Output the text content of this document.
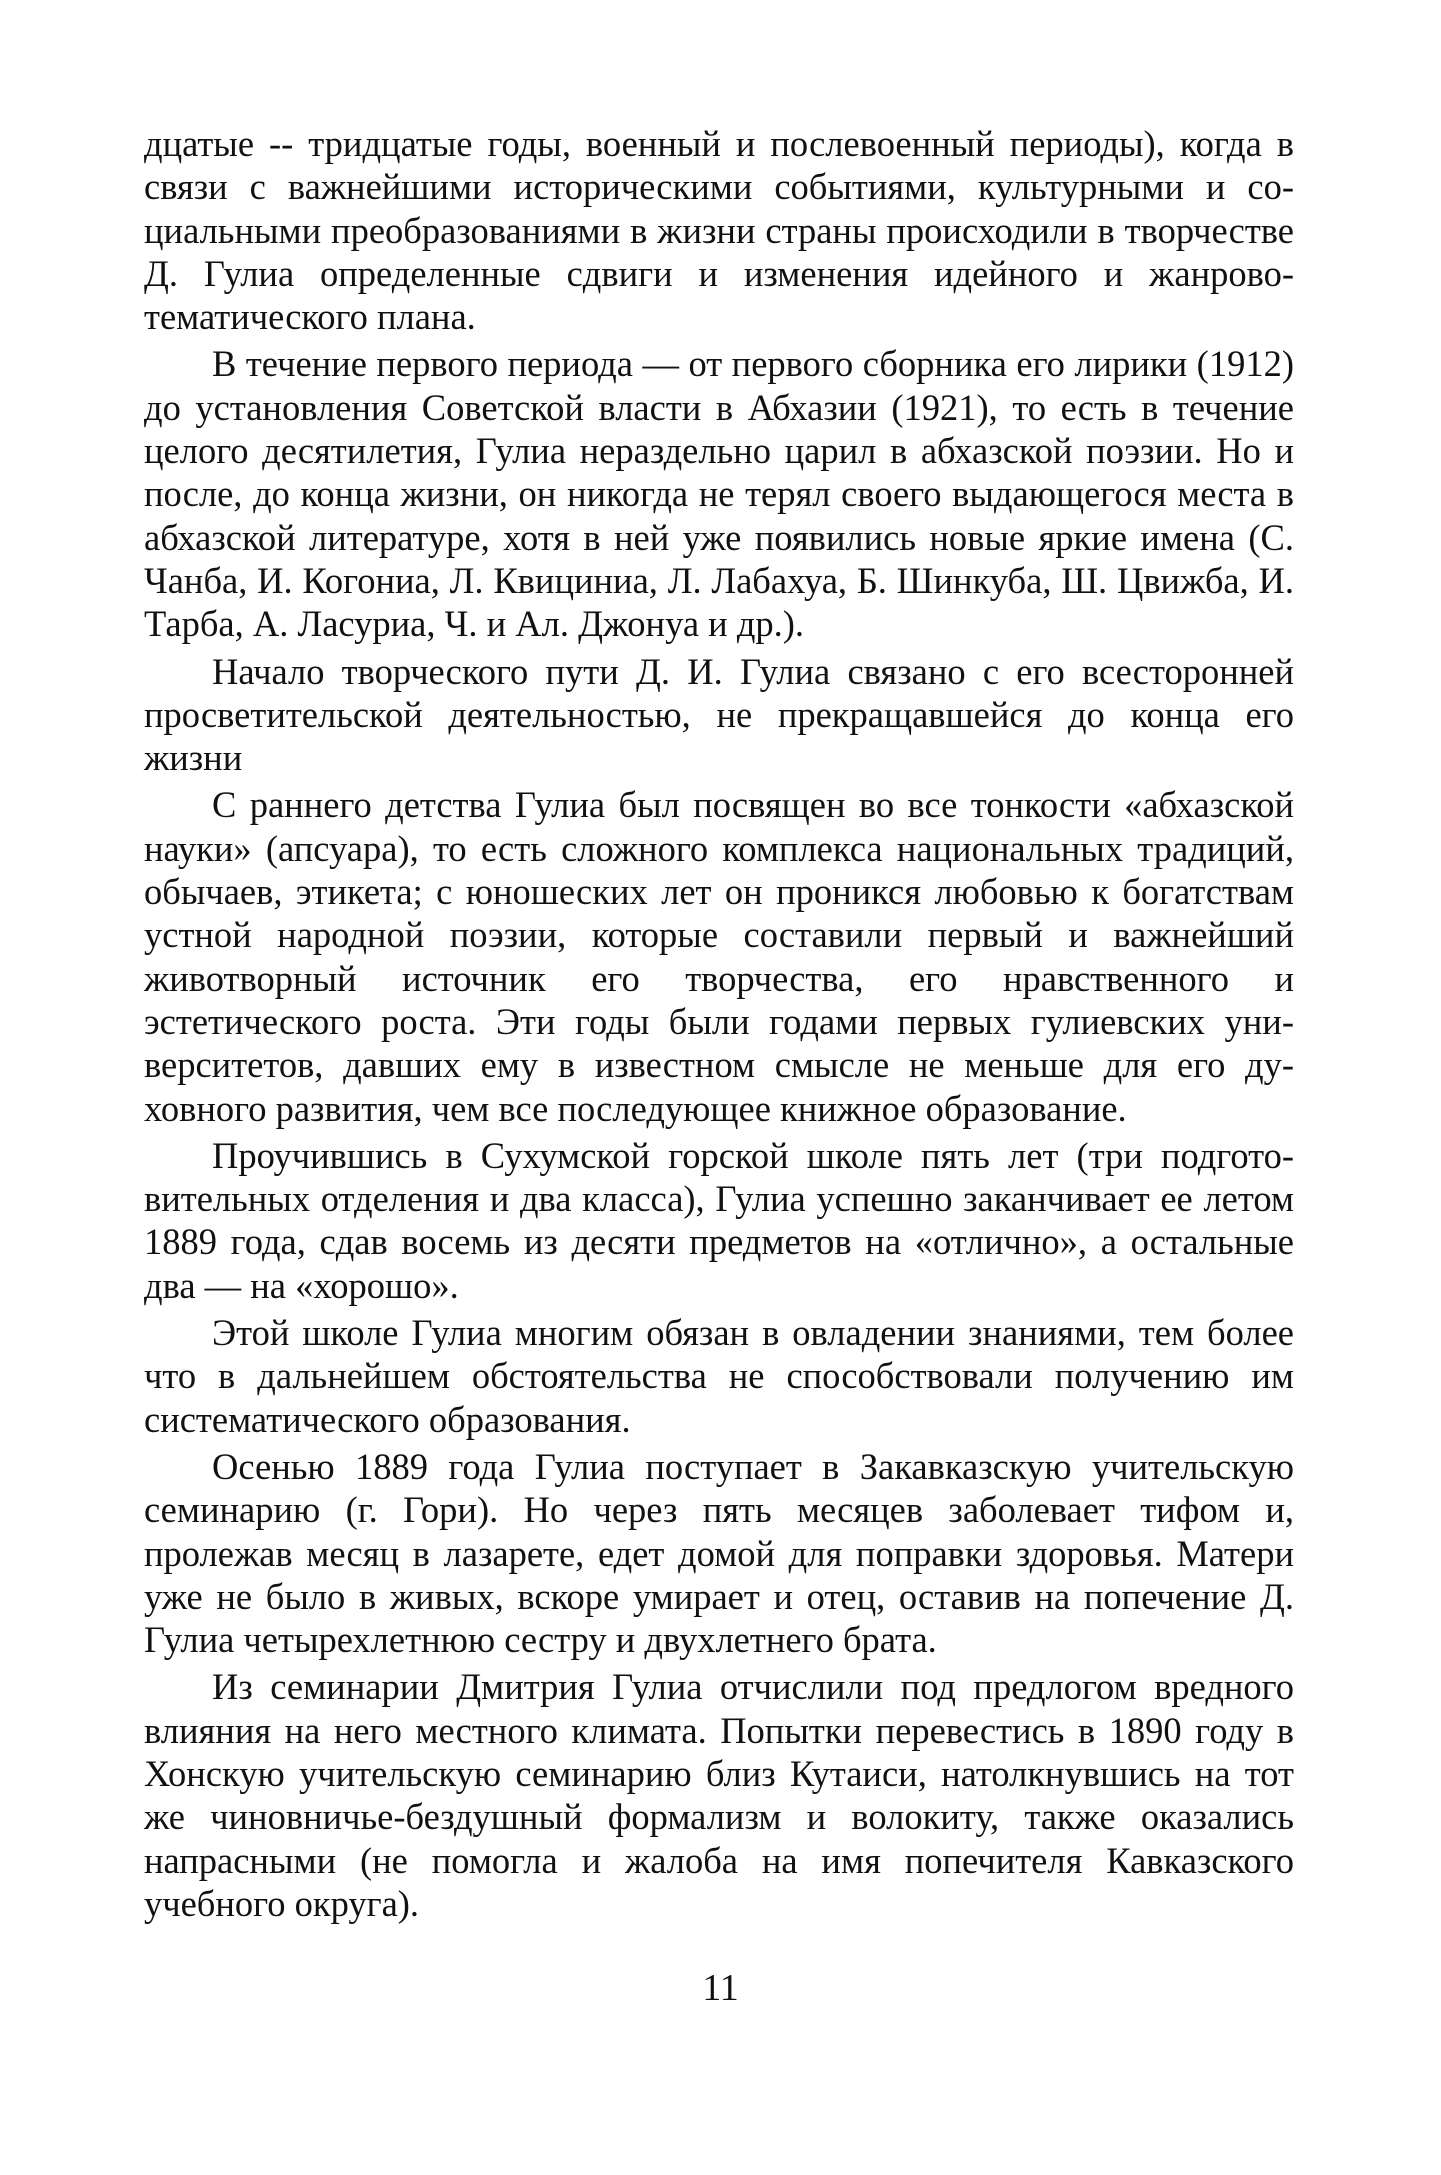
дцатые -- тридцатые годы, военный и послевоенный периоды), когда в связи с важнейшими историческими событиями, культурными и социальными преобразованиями в жизни страны происходили в творчестве Д. Гулиа определенные сдвиги и изменения идейного и жанрово-тематического плана.

В течение первого периода — от первого сборника его лирики (1912) до установления Советской власти в Абхазии (1921), то есть в течение целого десятилетия, Гулиа нераздельно царил в абхазской поэзии. Но и после, до конца жизни, он никогда не терял своего выдающегося места в абхазской литературе, хотя в ней уже появились новые яркие имена (С. Чанба, И. Когониа, Л. Квициниа, Л. Лабахуа, Б. Шинкуба, Ш. Цвижба, И. Тарба, А. Ласуриа, Ч. и Ал. Джонуа и др.).

Начало творческого пути Д. И. Гулиа связано с его всесторонней просветительской деятельностью, не прекращавшейся до конца его жизни

С раннего детства Гулиа был посвящен во все тонкости «абхазской науки» (апсуара), то есть сложного комплекса национальных традиций, обычаев, этикета; с юношеских лет он проникся любовью к богатствам устной народной поэзии, которые составили первый и важнейший животворный источник его творчества, его нравственного и эстетического роста. Эти годы были годами первых гулиевских университетов, давших ему в известном смысле не меньше для его духовного развития, чем все последующее книжное образование.

Проучившись в Сухумской горской школе пять лет (три подготовительных отделения и два класса), Гулиа успешно заканчивает ее летом 1889 года, сдав восемь из десяти предметов на «отлично», а остальные два — на «хорошо».

Этой школе Гулиа многим обязан в овладении знаниями, тем более что в дальнейшем обстоятельства не способствовали получению им систематического образования.

Осенью 1889 года Гулиа поступает в Закавказскую учительскую семинарию (г. Гори). Но через пять месяцев заболевает тифом и, пролежав месяц в лазарете, едет домой для поправки здоровья. Матери уже не было в живых, вскоре умирает и отец, оставив на попечение Д. Гулиа четырехлетнюю сестру и двухлетнего брата.

Из семинарии Дмитрия Гулиа отчислили под предлогом вредного влияния на него местного климата. Попытки перевестись в 1890 году в Хонскую учительскую семинарию близ Кутаиси, натолкнувшись на тот же чиновничье-бездушный формализм и волокиту, также оказались напрасными (не помогла и жалоба на имя попечителя Кавказского учебного округа).

11
